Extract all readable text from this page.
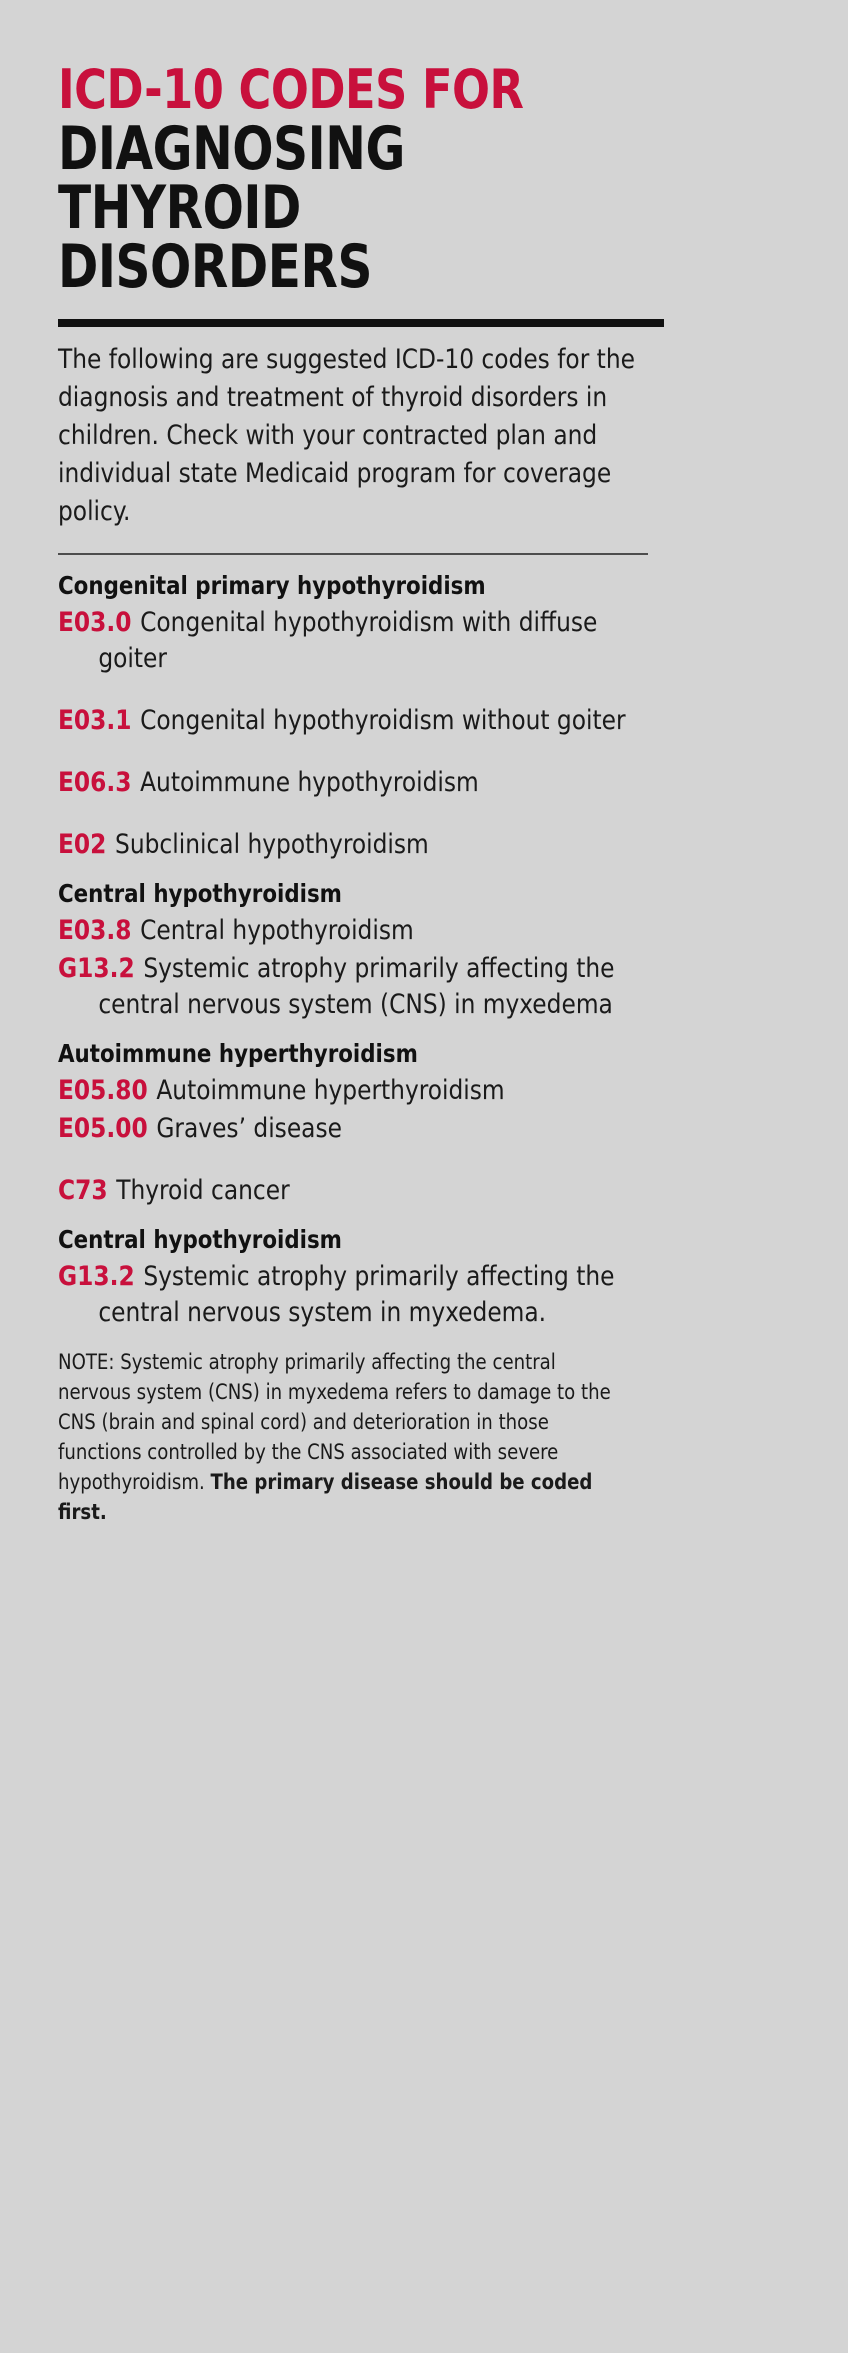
ICD-10 CODES FOR
DIAGNOSING
THYROID
DISORDERS
The following are suggested ICD-10 codes for the diagnosis and treatment of thyroid disorders in children. Check with your contracted plan and individual state Medicaid program for coverage policy.
Congenital primary hypothyroidism
E03.0 Congenital hypothyroidism with diffuse goiter
E03.1 Congenital hypothyroidism without goiter
E06.3 Autoimmune hypothyroidism
E02 Subclinical hypothyroidism
Central hypothyroidism
E03.8 Central hypothyroidism
G13.2 Systemic atrophy primarily affecting the central nervous system (CNS) in myxedema
Autoimmune hyperthyroidism
E05.80 Autoimmune hyperthyroidism
E05.00 Graves’ disease
C73 Thyroid cancer
Central hypothyroidism
G13.2 Systemic atrophy primarily affecting the central nervous system in myxedema.
NOTE: Systemic atrophy primarily affecting the central nervous system (CNS) in myxedema refers to damage to the CNS (brain and spinal cord) and deterioration in those functions controlled by the CNS associated with severe hypothyroidism. The primary disease should be coded first.
